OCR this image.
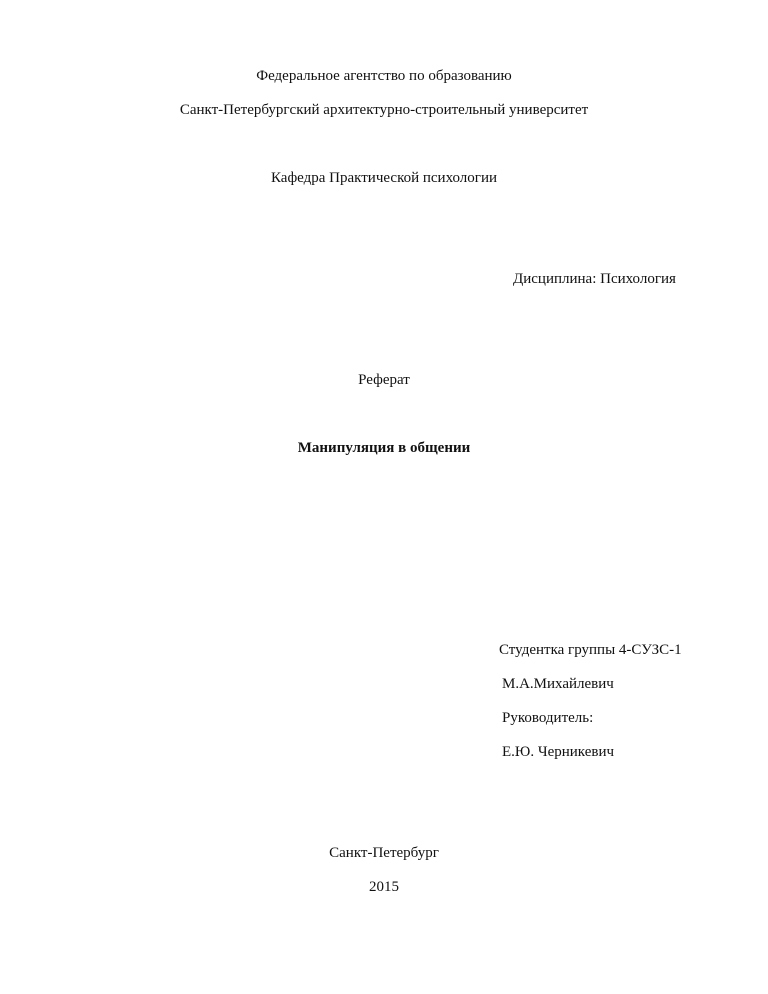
Федеральное агентство по образованию
Санкт-Петербургский архитектурно-строительный университет
Кафедра Практической психологии
Дисциплина: Психология
Реферат
Манипуляция в общении
Студентка группы 4-СУЗС-1
М.А.Михайлевич
Руководитель:
Е.Ю. Черникевич
Санкт-Петербург
2015
